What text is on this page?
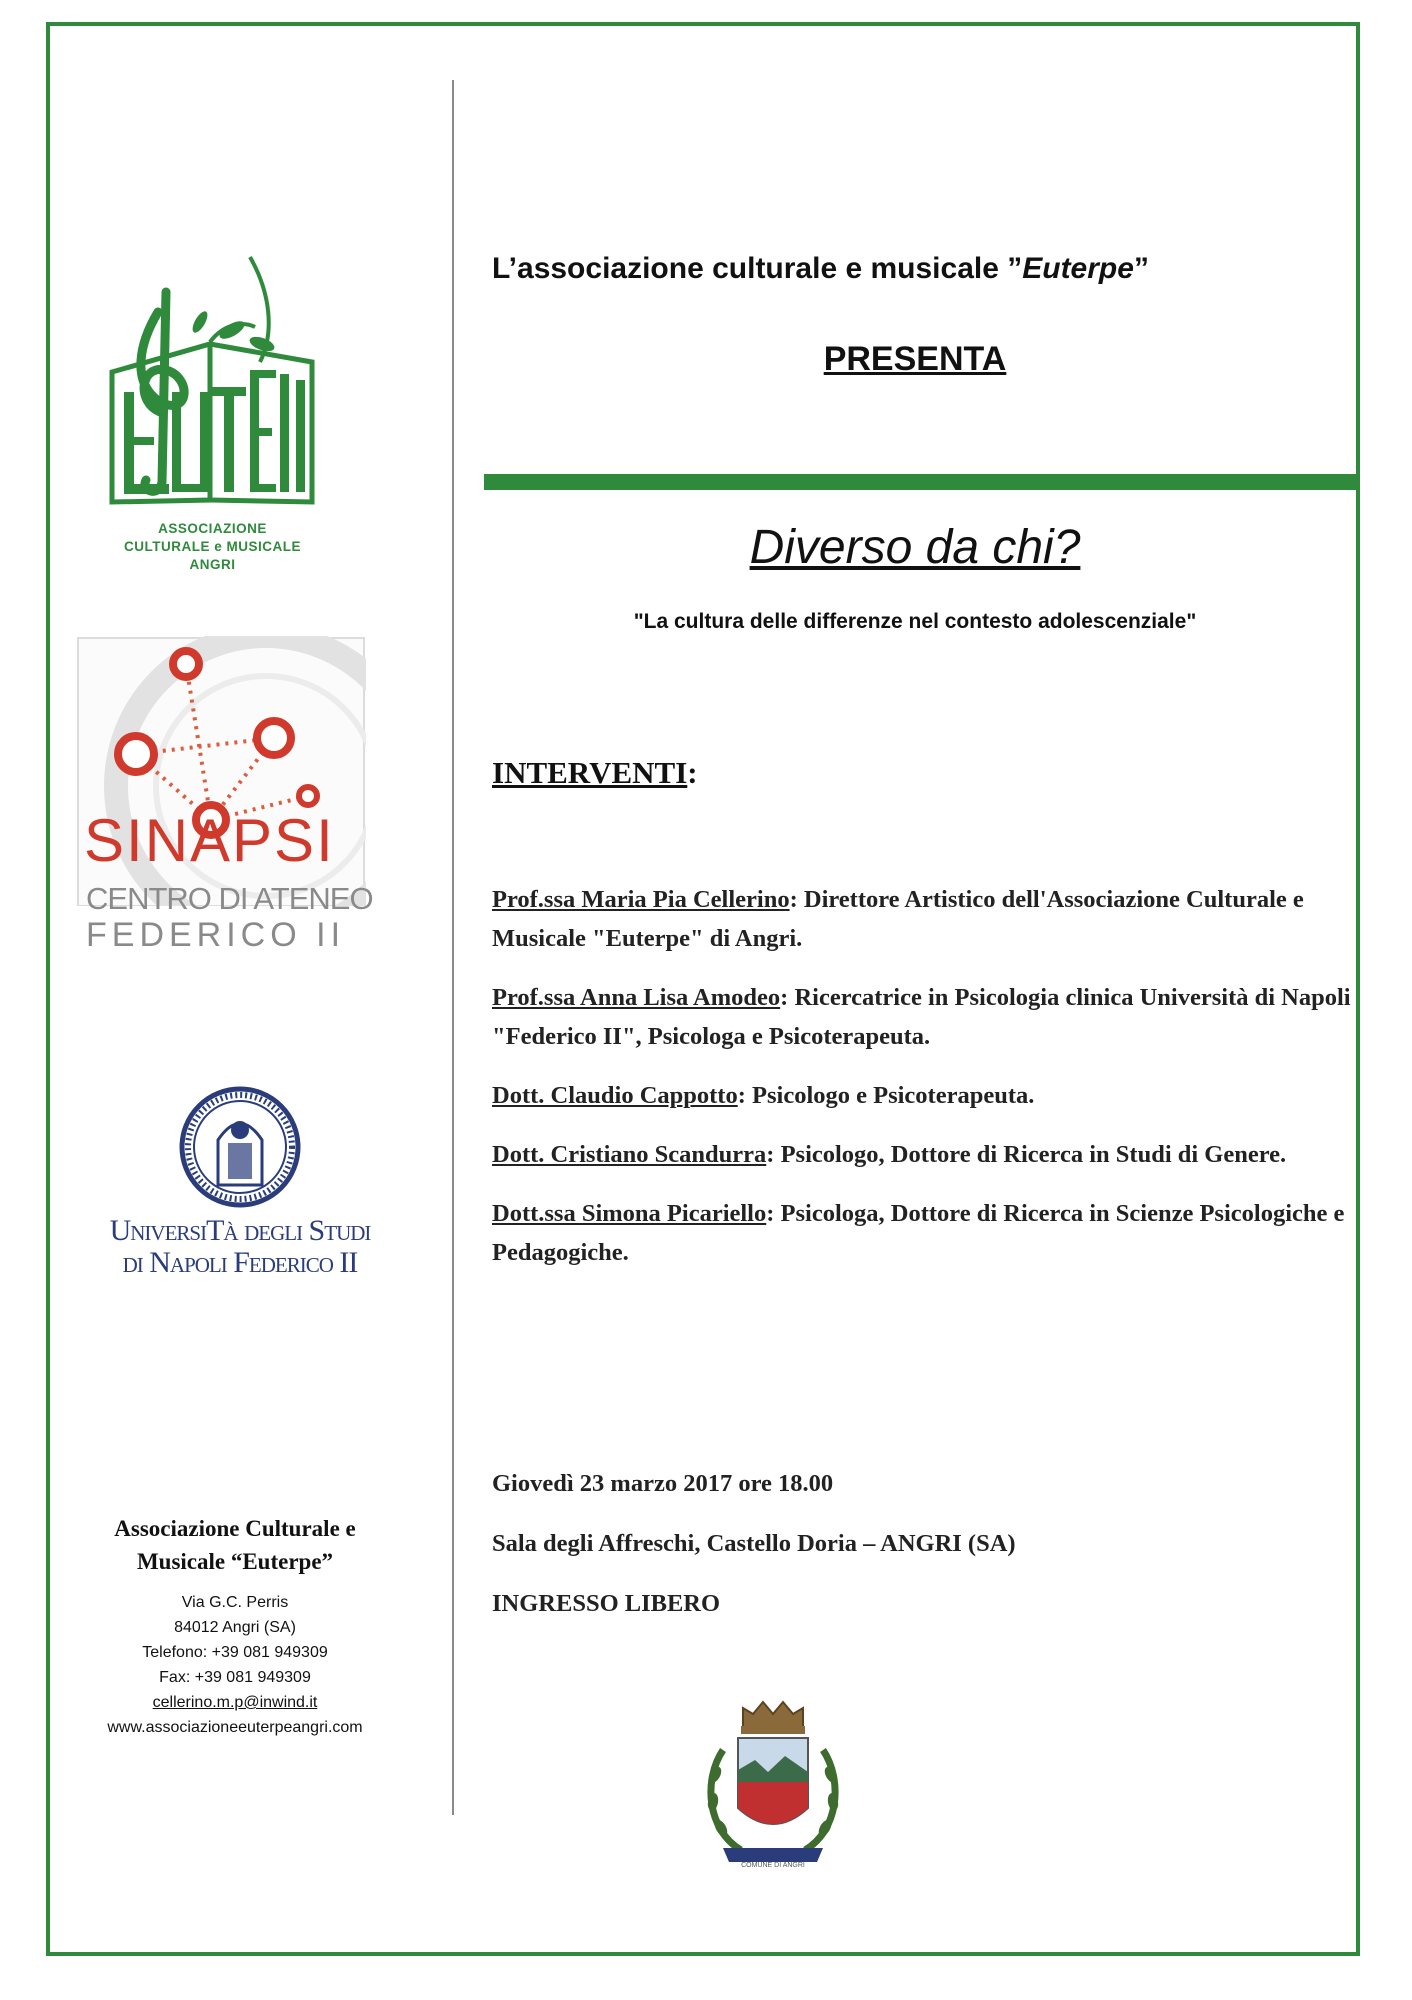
ASSOCIAZIONE
CULTURALE e MUSICALE
ANGRI
SINAPSI
CENTRO DI ATENEO
FEDERICO II
UniversiTà degli Studi
di Napoli Federico II
Associazione Culturale e
Musicale “Euterpe”
Via G.C. Perris
84012 Angri (SA)
Telefono: +39 081 949309
Fax: +39 081 949309
cellerino.m.p@inwind.it
www.associazioneeuterpeangri.com
L’associazione culturale e musicale ”Euterpe”
PRESENTA
Diverso da chi?
"La cultura delle differenze nel contesto adolescenziale"
INTERVENTI:
Prof.ssa Maria Pia Cellerino: Direttore Artistico dell'Associazione Culturale e Musicale "Euterpe" di Angri.
Prof.ssa Anna Lisa Amodeo: Ricercatrice in Psicologia clinica Università di Napoli "Federico II", Psicologa e Psicoterapeuta.
Dott. Claudio Cappotto: Psicologo e Psicoterapeuta.
Dott. Cristiano Scandurra: Psicologo, Dottore di Ricerca in Studi di Genere.
Dott.ssa Simona Picariello: Psicologa, Dottore di Ricerca in Scienze Psicologiche e Pedagogiche.
Giovedì 23 marzo 2017 ore 18.00
Sala degli Affreschi, Castello Doria – ANGRI (SA)
INGRESSO LIBERO
COMUNE DI ANGRI
